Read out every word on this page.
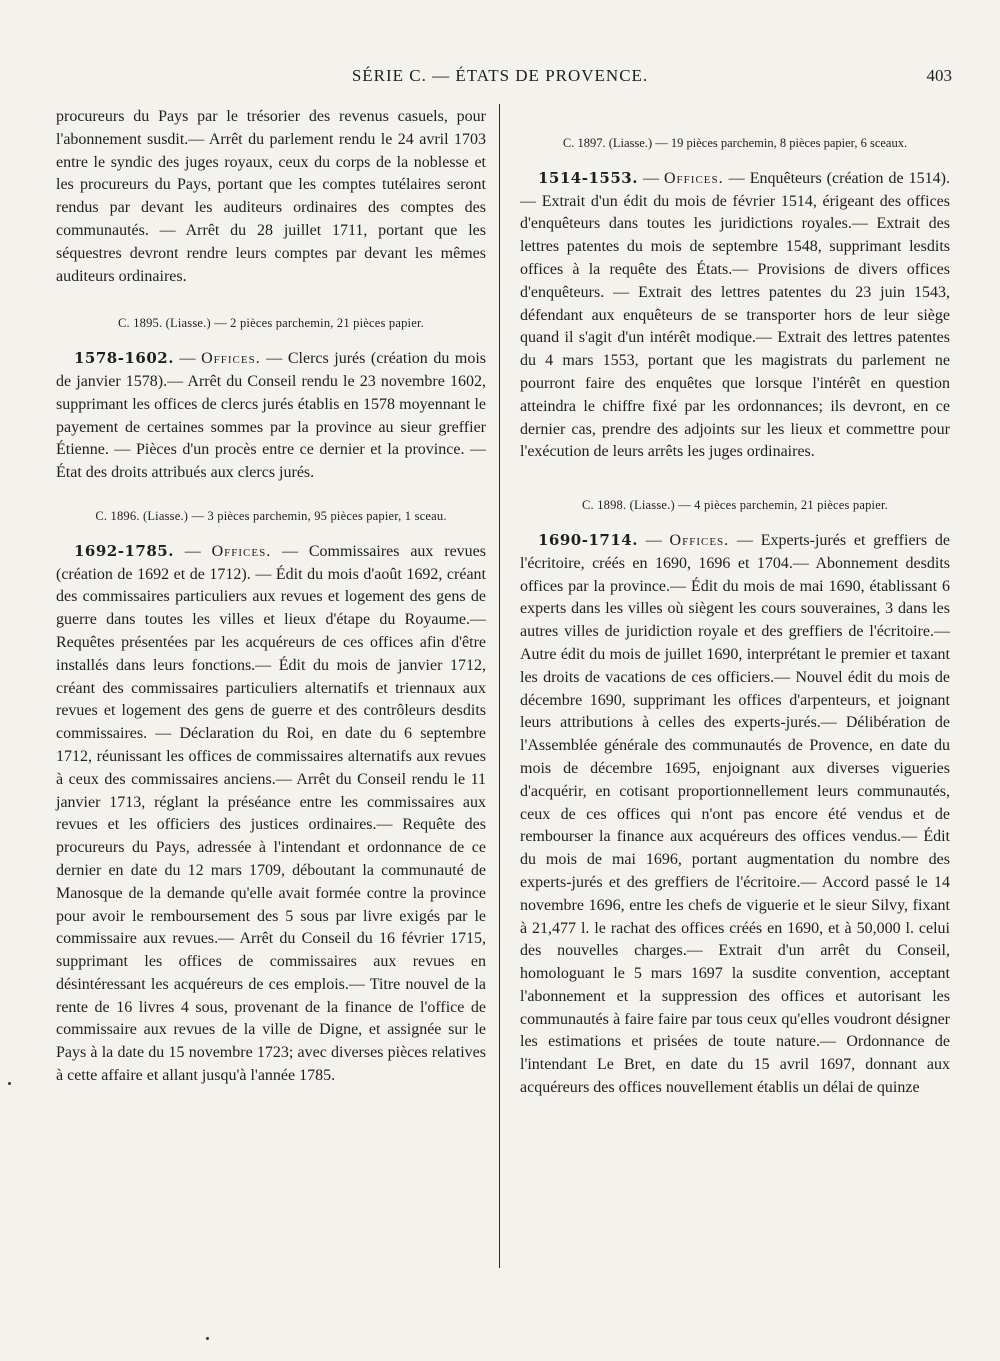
SÉRIE C. — ÉTATS DE PROVENCE.	403

procureurs du Pays par le trésorier des revenus casuels, pour l'abonnement susdit.— Arrêt du parlement rendu le 24 avril 1703 entre le syndic des juges royaux, ceux du corps de la noblesse et les procureurs du Pays, portant que les comptes tutélaires seront rendus par devant les auditeurs ordinaires des comptes des communautés. — Arrêt du 28 juillet 1711, portant que les séquestres devront rendre leurs comptes par devant les mêmes auditeurs ordinaires.

C. 1895. (Liasse.) — 2 pièces parchemin, 21 pièces papier.

1578-1602. — Offices. — Clercs jurés (création du mois de janvier 1578).— Arrêt du Conseil rendu le 23 novembre 1602, supprimant les offices de clercs jurés établis en 1578 moyennant le payement de certaines sommes par la province au sieur greffier Étienne. — Pièces d'un procès entre ce dernier et la province. — État des droits attribués aux clercs jurés.

C. 1896. (Liasse.) — 3 pièces parchemin, 95 pièces papier, 1 sceau.

1692-1785. — Offices. — Commissaires aux revues (création de 1692 et de 1712). — Édit du mois d'août 1692, créant des commissaires particuliers aux revues et logement des gens de guerre dans toutes les villes et lieux d'étape du Royaume.— Requêtes présentées par les acquéreurs de ces offices afin d'être installés dans leurs fonctions.— Édit du mois de janvier 1712, créant des commissaires particuliers alternatifs et triennaux aux revues et logement des gens de guerre et des contrôleurs desdits commissaires. — Déclaration du Roi, en date du 6 septembre 1712, réunissant les offices de commissaires alternatifs aux revues à ceux des commissaires anciens.— Arrêt du Conseil rendu le 11 janvier 1713, réglant la préséance entre les commissaires aux revues et les officiers des justices ordinaires.— Requête des procureurs du Pays, adressée à l'intendant et ordonnance de ce dernier en date du 12 mars 1709, déboutant la communauté de Manosque de la demande qu'elle avait formée contre la province pour avoir le remboursement des 5 sous par livre exigés par le commissaire aux revues.— Arrêt du Conseil du 16 février 1715, supprimant les offices de commissaires aux revues en désintéressant les acquéreurs de ces emplois.— Titre nouvel de la rente de 16 livres 4 sous, provenant de la finance de l'office de commissaire aux revues de la ville de Digne, et assignée sur le Pays à la date du 15 novembre 1723; avec diverses pièces relatives à cette affaire et allant jusqu'à l'année 1785.

C. 1897. (Liasse.) — 19 pièces parchemin, 8 pièces papier, 6 sceaux.

1514-1553. — Offices. — Enquêteurs (création de 1514). — Extrait d'un édit du mois de février 1514, érigeant des offices d'enquêteurs dans toutes les juridictions royales.— Extrait des lettres patentes du mois de septembre 1548, supprimant lesdits offices à la requête des États.— Provisions de divers offices d'enquêteurs. — Extrait des lettres patentes du 23 juin 1543, défendant aux enquêteurs de se transporter hors de leur siège quand il s'agit d'un intérêt modique.— Extrait des lettres patentes du 4 mars 1553, portant que les magistrats du parlement ne pourront faire des enquêtes que lorsque l'intérêt en question atteindra le chiffre fixé par les ordonnances; ils devront, en ce dernier cas, prendre des adjoints sur les lieux et commettre pour l'exécution de leurs arrêts les juges ordinaires.

C. 1898. (Liasse.) — 4 pièces parchemin, 21 pièces papier.

1690-1714. — Offices. — Experts-jurés et greffiers de l'écritoire, créés en 1690, 1696 et 1704.— Abonnement desdits offices par la province.— Édit du mois de mai 1690, établissant 6 experts dans les villes où siègent les cours souveraines, 3 dans les autres villes de juridiction royale et des greffiers de l'écritoire.— Autre édit du mois de juillet 1690, interprétant le premier et taxant les droits de vacations de ces officiers.— Nouvel édit du mois de décembre 1690, supprimant les offices d'arpenteurs, et joignant leurs attributions à celles des experts-jurés.— Délibération de l'Assemblée générale des communautés de Provence, en date du mois de décembre 1695, enjoignant aux diverses vigueries d'acquérir, en cotisant proportionnellement leurs communautés, ceux de ces offices qui n'ont pas encore été vendus et de rembourser la finance aux acquéreurs des offices vendus.— Édit du mois de mai 1696, portant augmentation du nombre des experts-jurés et des greffiers de l'écritoire.— Accord passé le 14 novembre 1696, entre les chefs de viguerie et le sieur Silvy, fixant à 21,477 l. le rachat des offices créés en 1690, et à 50,000 l. celui des nouvelles charges.— Extrait d'un arrêt du Conseil, homologuant le 5 mars 1697 la susdite convention, acceptant l'abonnement et la suppression des offices et autorisant les communautés à faire faire par tous ceux qu'elles voudront désigner les estimations et prisées de toute nature.— Ordonnance de l'intendant Le Bret, en date du 15 avril 1697, donnant aux acquéreurs des offices nouvellement établis un délai de quinze
